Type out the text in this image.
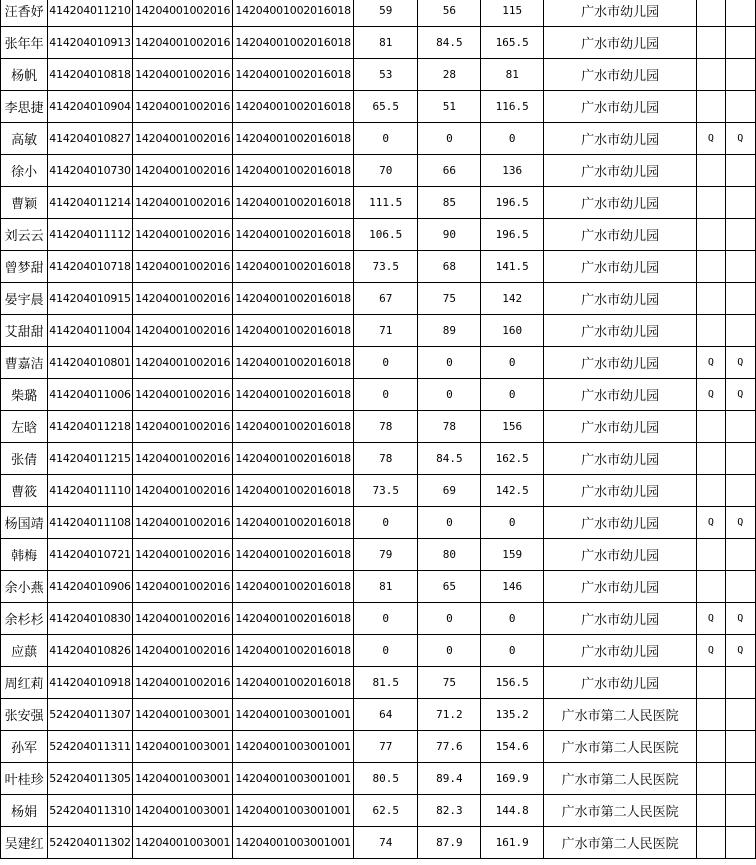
汪香妤	414204011210	14204001002016	14204001002016018	59	56	115	广水市幼儿园		
张年年	414204010913	14204001002016	14204001002016018	81	84.5	165.5	广水市幼儿园		
杨帆	414204010818	14204001002016	14204001002016018	53	28	81	广水市幼儿园		
李思捷	414204010904	14204001002016	14204001002016018	65.5	51	116.5	广水市幼儿园		
高敏	414204010827	14204001002016	14204001002016018	0	0	0	广水市幼儿园	Q	Q
徐小	414204010730	14204001002016	14204001002016018	70	66	136	广水市幼儿园		
曹颖	414204011214	14204001002016	14204001002016018	111.5	85	196.5	广水市幼儿园		
刘云云	414204011112	14204001002016	14204001002016018	106.5	90	196.5	广水市幼儿园		
曾梦甜	414204010718	14204001002016	14204001002016018	73.5	68	141.5	广水市幼儿园		
晏宇晨	414204010915	14204001002016	14204001002016018	67	75	142	广水市幼儿园		
艾甜甜	414204011004	14204001002016	14204001002016018	71	89	160	广水市幼儿园		
曹嘉洁	414204010801	14204001002016	14204001002016018	0	0	0	广水市幼儿园	Q	Q
柴璐	414204011006	14204001002016	14204001002016018	0	0	0	广水市幼儿园	Q	Q
左晗	414204011218	14204001002016	14204001002016018	78	78	156	广水市幼儿园		
张倩	414204011215	14204001002016	14204001002016018	78	84.5	162.5	广水市幼儿园		
曹筱	414204011110	14204001002016	14204001002016018	73.5	69	142.5	广水市幼儿园		
杨国靖	414204011108	14204001002016	14204001002016018	0	0	0	广水市幼儿园	Q	Q
韩梅	414204010721	14204001002016	14204001002016018	79	80	159	广水市幼儿园		
余小燕	414204010906	14204001002016	14204001002016018	81	65	146	广水市幼儿园		
余杉杉	414204010830	14204001002016	14204001002016018	0	0	0	广水市幼儿园	Q	Q
应蕻	414204010826	14204001002016	14204001002016018	0	0	0	广水市幼儿园	Q	Q
周红莉	414204010918	14204001002016	14204001002016018	81.5	75	156.5	广水市幼儿园		
张安强	524204011307	14204001003001	14204001003001001	64	71.2	135.2	广水市第二人民医院		
孙军	524204011311	14204001003001	14204001003001001	77	77.6	154.6	广水市第二人民医院		
叶桂珍	524204011305	14204001003001	14204001003001001	80.5	89.4	169.9	广水市第二人民医院		
杨娟	524204011310	14204001003001	14204001003001001	62.5	82.3	144.8	广水市第二人民医院		
吴建红	524204011302	14204001003001	14204001003001001	74	87.9	161.9	广水市第二人民医院		
